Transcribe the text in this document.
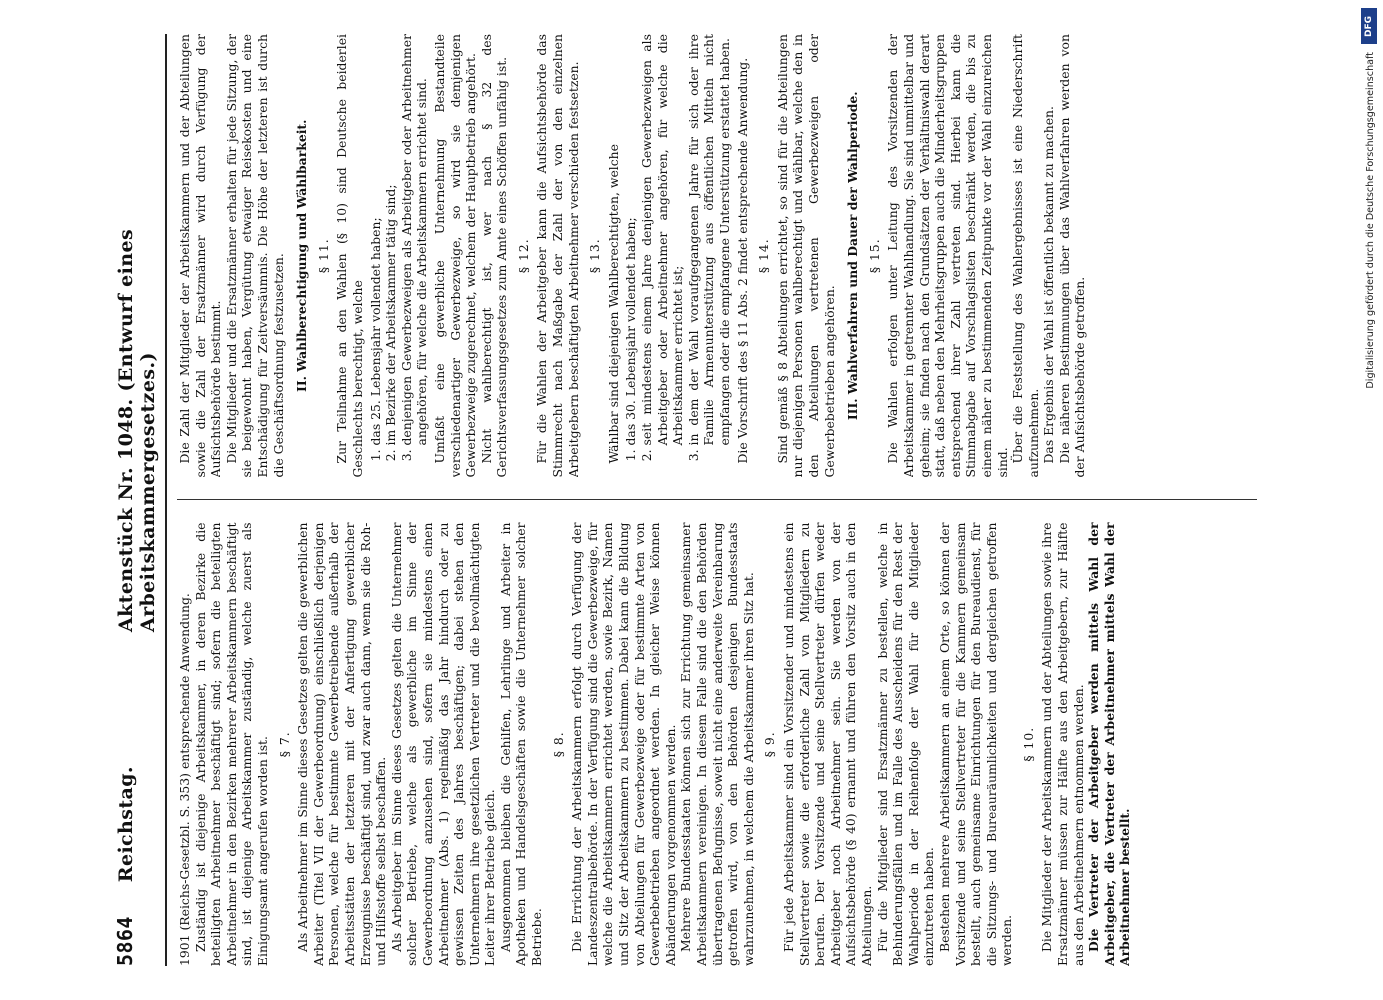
5864
Reichstag.
Aktenstück Nr. 1048. (Entwurf eines Arbeitskammergesetzes.)

1901 (Reichs-Gesetzbl. S. 353) entsprechende Anwendung. Zuständig ist diejenige Arbeitskammer, in deren Bezirke die beteiligten Arbeitnehmer beschäftigt sind; sofern die beteiligten Arbeitnehmer in den Bezirken mehrerer Arbeitskammern beschäftigt sind, ist diejenige Arbeitskammer zuständig, welche zuerst als Einigungsamt angerufen worden ist. § 7. Als Arbeitnehmer im Sinne dieses Gesetzes gelten die gewerblichen Arbeiter (Titel VII der Gewerbeordnung) einschließlich derjenigen Personen, welche für bestimmte Gewerbetreibende außerhalb der Arbeitsstätten der letzteren mit der Anfertigung gewerblicher Erzeugnisse beschäftigt sind, und zwar auch dann, wenn sie die Roh- und Hilfsstoffe selbst beschaffen. Als Arbeitgeber im Sinne dieses Gesetzes gelten die Unternehmer solcher Betriebe, welche als gewerbliche im Sinne der Gewerbeordnung anzusehen sind, sofern sie mindestens einen Arbeitnehmer (Abs. 1) regelmäßig das Jahr hindurch oder zu gewissen Zeiten des Jahres beschäftigen; dabei stehen den Unternehmern ihre gesetzlichen Vertreter und die bevollmächtigten Leiter ihrer Betriebe gleich. Ausgenommen bleiben die Gehilfen, Lehrlinge und Arbeiter in Apotheken und Handelsgeschäften sowie die Unternehmer solcher Betriebe.

§ 8. Die Errichtung der Arbeitskammern erfolgt durch Verfügung der Landeszentralbehörde. In der Verfügung sind die Gewerbezweige, für welche die Arbeitskammern errichtet werden, sowie Bezirk, Namen und Sitz der Arbeitskammern zu bestimmen. Dabei kann die Bildung von Abteilungen für Gewerbezweige oder für bestimmte Arten von Gewerbebetrieben angeordnet werden. In gleicher Weise können Abänderungen vorgenommen werden. Mehrere Bundesstaaten können sich zur Errichtung gemeinsamer Arbeitskammern vereinigen. In diesem Falle sind die den Behörden übertragenen Befugnisse, soweit nicht eine anderweite Vereinbarung getroffen wird, von den Behörden desjenigen Bundesstaats wahrzunehmen, in welchem die Arbeitskammer ihren Sitz hat. § 9. Für jede Arbeitskammer sind ein Vorsitzender und mindestens ein Stellvertreter sowie die erforderliche Zahl von Mitgliedern zu berufen. Der Vorsitzende und seine Stellvertreter dürfen weder Arbeitgeber noch Arbeitnehmer sein. Sie werden von der Aufsichtsbehörde (§ 40) ernannt und führen den Vorsitz auch in den Abteilungen. Für die Mitglieder sind Ersatzmänner zu bestellen, welche in Behinderungsfällen und im Falle des Ausscheidens für den Rest der Wahlperiode in der Reihenfolge der Wahl für die Mitglieder einzutreten haben. Bestehen mehrere Arbeitskammern an einem Orte, so können der Vorsitzende und seine Stellvertreter für die Kammern gemeinsam bestellt, auch gemeinsame Einrichtungen für den Bureaudienst, für die Sitzungs- und Bureauräumlichkeiten und dergleichen getroffen werden.

§ 10. Die Mitglieder der Arbeitskammern und der Abteilungen sowie ihre Ersatzmänner müssen zur Hälfte aus den Arbeitgebern, zur Hälfte aus den Arbeitnehmern entnommen werden. Die Vertreter der Arbeitgeber werden mittels Wahl der Arbeitgeber, die Vertreter der Arbeitnehmer mittels Wahl der Arbeitnehmer bestellt.

Die Zahl der Mitglieder der Arbeitskammern und der Abteilungen sowie die Zahl der Ersatzmänner wird durch Verfügung der Aufsichtsbehörde bestimmt. Die Mitglieder und die Ersatzmänner erhalten für jede Sitzung, der sie beigewohnt haben, Vergütung etwaiger Reisekosten und eine Entschädigung für Zeitversäumnis. Die Höhe der letzteren ist durch die Geschäftsordnung festzusetzen. II. Wahlberechtigung und Wählbarkeit. § 11. Zur Teilnahme an den Wahlen (§ 10) sind Deutsche beiderlei Geschlechts berechtigt, welche 1. das 25. Lebensjahr vollendet haben; 2. im Bezirke der Arbeitskammer tätig sind; 3. denjenigen Gewerbezweigen als Arbeitgeber oder Arbeitnehmer angehören, für welche die Arbeitskammern errichtet sind. Umfaßt eine gewerbliche Unternehmung Bestandteile verschiedenartiger Gewerbezweige, so wird sie demjenigen Gewerbezweige zugerechnet, welchem der Hauptbetrieb angehört. Nicht wahlberechtigt ist, wer nach § 32 des Gerichtsverfassungsgesetzes zum Amte eines Schöffen unfähig ist. § 12. Für die Wahlen der Arbeitgeber kann die Aufsichtsbehörde das Stimmrecht nach Maßgabe der Zahl der von den einzelnen Arbeitgebern beschäftigten Arbeitnehmer verschieden festsetzen. § 13. Wählbar sind diejenigen Wahlberechtigten, welche 1. das 30. Lebensjahr vollendet haben; 2. seit mindestens einem Jahre denjenigen Gewerbezweigen als Arbeitgeber oder Arbeitnehmer angehören, für welche die Arbeitskammer errichtet ist; 3. in dem der Wahl voraufgegangenen Jahre für sich oder ihre Familie Armenunterstützung aus öffentlichen Mitteln nicht empfangen oder die empfangene Unterstützung erstattet haben. Die Vorschrift des § 11 Abs. 2 findet entsprechende Anwendung. § 14. Sind gemäß § 8 Abteilungen errichtet, so sind für die Abteilungen nur diejenigen Personen wahlberechtigt und wählbar, welche den in den Abteilungen vertretenen Gewerbezweigen oder Gewerbebetrieben angehören. III. Wahlverfahren und Dauer der Wahlperiode. § 15. Die Wahlen erfolgen unter Leitung des Vorsitzenden der Arbeitskammer in getrennter Wahlhandlung. Sie sind unmittelbar und geheim; sie finden nach den Grundsätzen der Verhältniswahl derart statt, daß neben den Mehrheitsgruppen auch die Minderheitsgruppen entsprechend ihrer Zahl vertreten sind. Hierbei kann die Stimmabgabe auf Vorschlagslisten beschränkt werden, die bis zu einem näher zu bestimmenden Zeitpunkte vor der Wahl einzureichen sind. Über die Feststellung des Wahlergebnisses ist eine Niederschrift aufzunehmen. Das Ergebnis der Wahl ist öffentlich bekannt zu machen. Die näheren Bestimmungen über das Wahlverfahren werden von der Aufsichtsbehörde getroffen.

DFG
Digitalisierung gefördert durch die Deutsche Forschungsgemeinschaft
